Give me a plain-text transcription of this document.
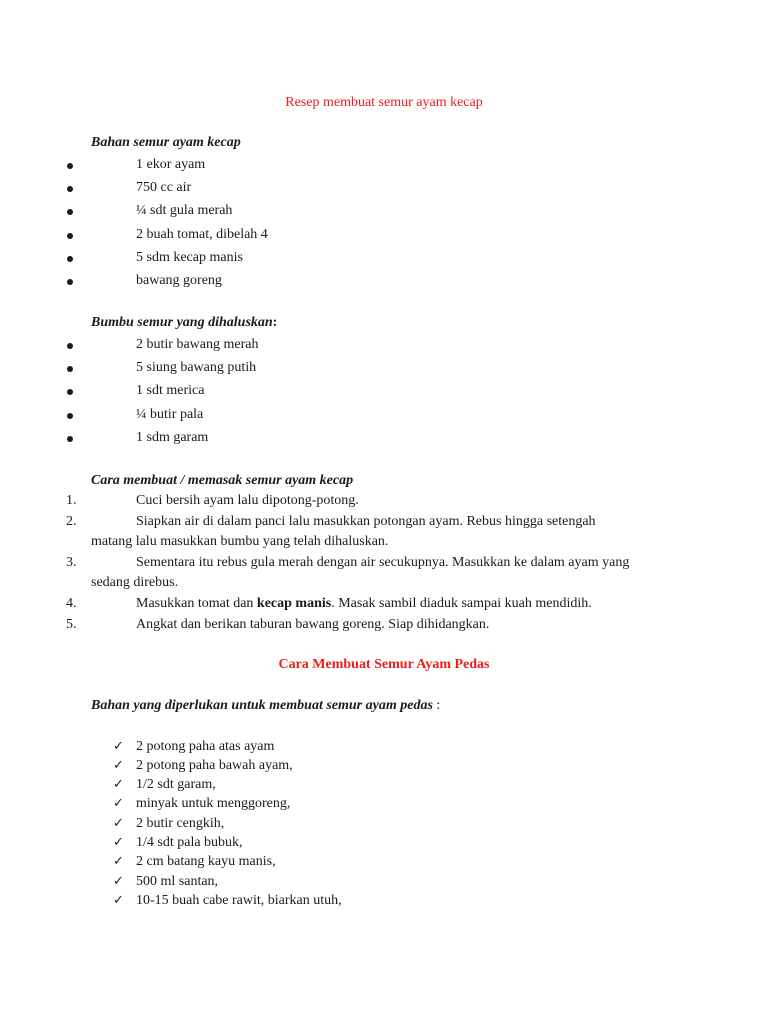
Resep membuat semur ayam kecap
Bahan semur ayam kecap
1 ekor ayam
750 cc air
¼ sdt gula merah
2 buah tomat, dibelah 4
5 sdm kecap manis
bawang goreng
Bumbu semur yang dihaluskan:
2 butir bawang merah
5 siung bawang putih
1 sdt merica
¼ butir pala
1 sdm garam
Cara membuat / memasak semur ayam kecap
1.	Cuci bersih ayam lalu dipotong-potong.
2.	Siapkan air di dalam panci lalu masukkan potongan ayam. Rebus hingga setengah
matang lalu masukkan bumbu yang telah dihaluskan.
3.	Sementara itu rebus gula merah dengan air secukupnya. Masukkan ke dalam ayam yang
sedang direbus.
4.	Masukkan tomat dan kecap manis. Masak sambil diaduk sampai kuah mendidih.
5.	Angkat dan berikan taburan bawang goreng. Siap dihidangkan.
Cara Membuat Semur Ayam Pedas
Bahan yang diperlukan untuk membuat semur ayam pedas :
✓ 2 potong paha atas ayam
✓ 2 potong paha bawah ayam,
✓ 1/2 sdt garam,
✓ minyak untuk menggoreng,
✓ 2 butir cengkih,
✓ 1/4 sdt pala bubuk,
✓ 2 cm batang kayu manis,
✓ 500 ml santan,
✓ 10-15 buah cabe rawit, biarkan utuh,
